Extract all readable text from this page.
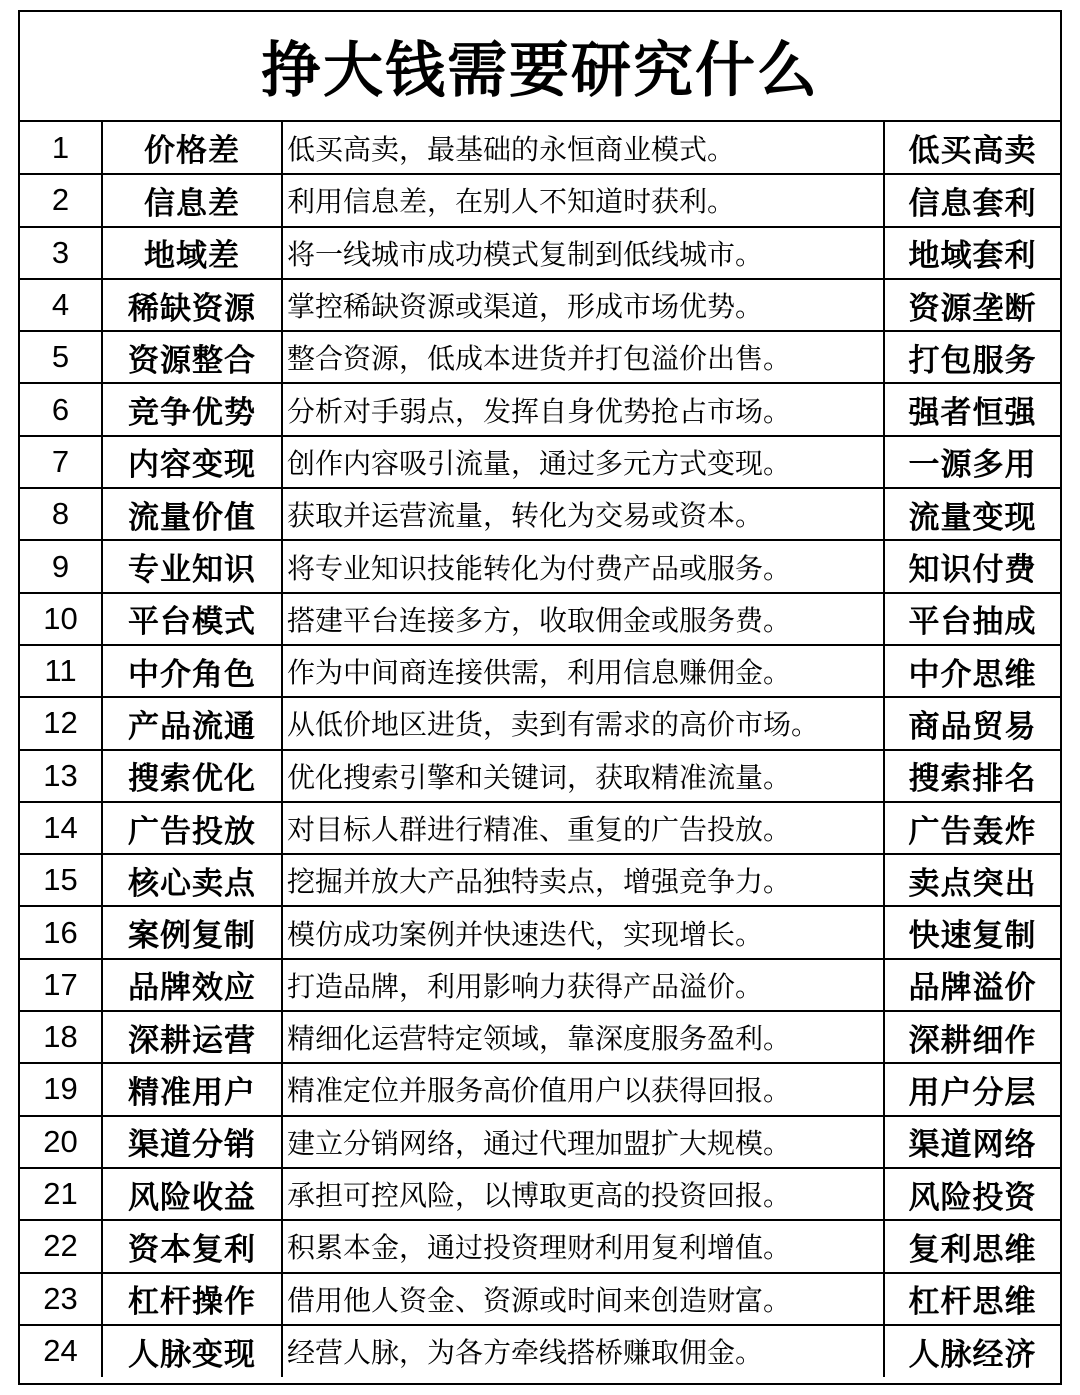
挣大钱需要研究什么
1	价格差	低买高卖，最基础的永恒商业模式。	低买高卖
2	信息差	利用信息差，在别人不知道时获利。	信息套利
3	地域差	将一线城市成功模式复制到低线城市。	地域套利
4	稀缺资源	掌控稀缺资源或渠道，形成市场优势。	资源垄断
5	资源整合	整合资源，低成本进货并打包溢价出售。	打包服务
6	竞争优势	分析对手弱点，发挥自身优势抢占市场。	强者恒强
7	内容变现	创作内容吸引流量，通过多元方式变现。	一源多用
8	流量价值	获取并运营流量，转化为交易或资本。	流量变现
9	专业知识	将专业知识技能转化为付费产品或服务。	知识付费
10	平台模式	搭建平台连接多方，收取佣金或服务费。	平台抽成
11	中介角色	作为中间商连接供需，利用信息赚佣金。	中介思维
12	产品流通	从低价地区进货，卖到有需求的高价市场。	商品贸易
13	搜索优化	优化搜索引擎和关键词，获取精准流量。	搜索排名
14	广告投放	对目标人群进行精准、重复的广告投放。	广告轰炸
15	核心卖点	挖掘并放大产品独特卖点，增强竞争力。	卖点突出
16	案例复制	模仿成功案例并快速迭代，实现增长。	快速复制
17	品牌效应	打造品牌，利用影响力获得产品溢价。	品牌溢价
18	深耕运营	精细化运营特定领域，靠深度服务盈利。	深耕细作
19	精准用户	精准定位并服务高价值用户以获得回报。	用户分层
20	渠道分销	建立分销网络，通过代理加盟扩大规模。	渠道网络
21	风险收益	承担可控风险，以博取更高的投资回报。	风险投资
22	资本复利	积累本金，通过投资理财利用复利增值。	复利思维
23	杠杆操作	借用他人资金、资源或时间来创造财富。	杠杆思维
24	人脉变现	经营人脉，为各方牵线搭桥赚取佣金。	人脉经济
